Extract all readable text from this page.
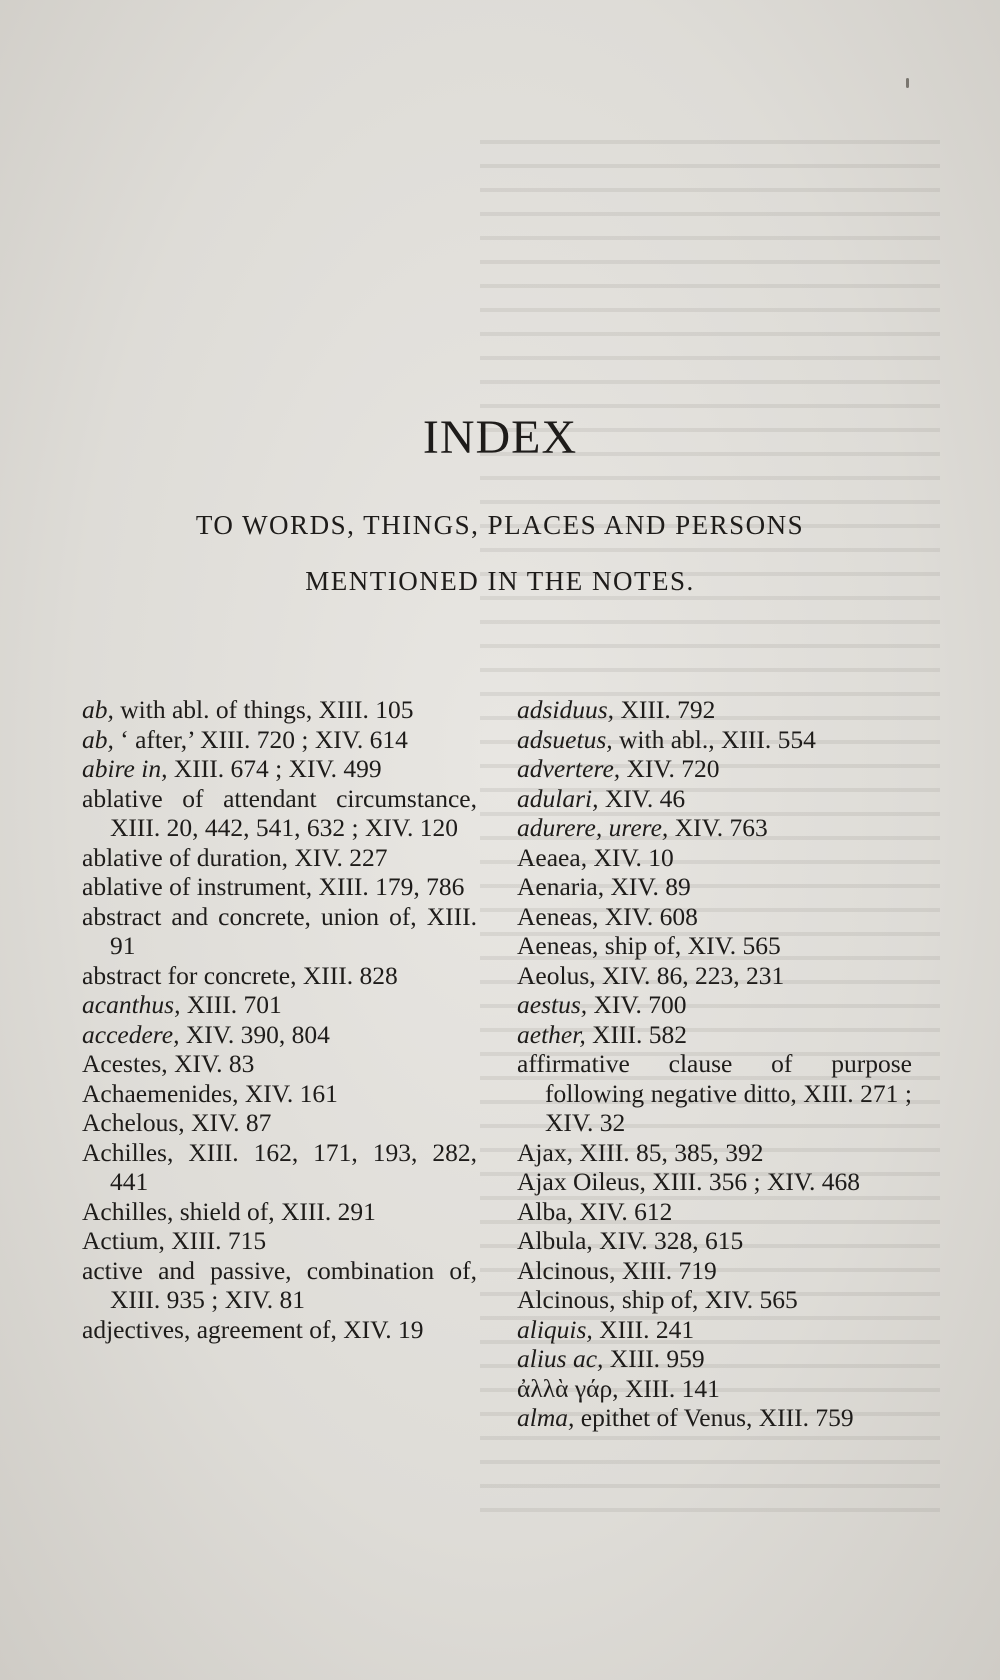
INDEX
TO WORDS, THINGS, PLACES AND PERSONS
MENTIONED IN THE NOTES.
ab, with abl. of things, XIII. 105
ab, ‘ after,’ XIII. 720 ; XIV. 614
abire in, XIII. 674 ; XIV. 499
ablative of attendant circumstance, XIII. 20, 442, 541, 632 ; XIV. 120
ablative of duration, XIV. 227
ablative of instrument, XIII. 179, 786
abstract and concrete, union of, XIII. 91
abstract for concrete, XIII. 828
acanthus, XIII. 701
accedere, XIV. 390, 804
Acestes, XIV. 83
Achaemenides, XIV. 161
Achelous, XIV. 87
Achilles, XIII. 162, 171, 193, 282, 441
Achilles, shield of, XIII. 291
Actium, XIII. 715
active and passive, combination of, XIII. 935 ; XIV. 81
adjectives, agreement of, XIV. 19
adsiduus, XIII. 792
adsuetus, with abl., XIII. 554
advertere, XIV. 720
adulari, XIV. 46
adurere, urere, XIV. 763
Aeaea, XIV. 10
Aenaria, XIV. 89
Aeneas, XIV. 608
Aeneas, ship of, XIV. 565
Aeolus, XIV. 86, 223, 231
aestus, XIV. 700
aether, XIII. 582
affirmative clause of purpose following negative ditto, XIII. 271 ; XIV. 32
Ajax, XIII. 85, 385, 392
Ajax Oileus, XIII. 356 ; XIV. 468
Alba, XIV. 612
Albula, XIV. 328, 615
Alcinous, XIII. 719
Alcinous, ship of, XIV. 565
aliquis, XIII. 241
alius ac, XIII. 959
ἀλλὰ γάρ, XIII. 141
alma, epithet of Venus, XIII. 759
